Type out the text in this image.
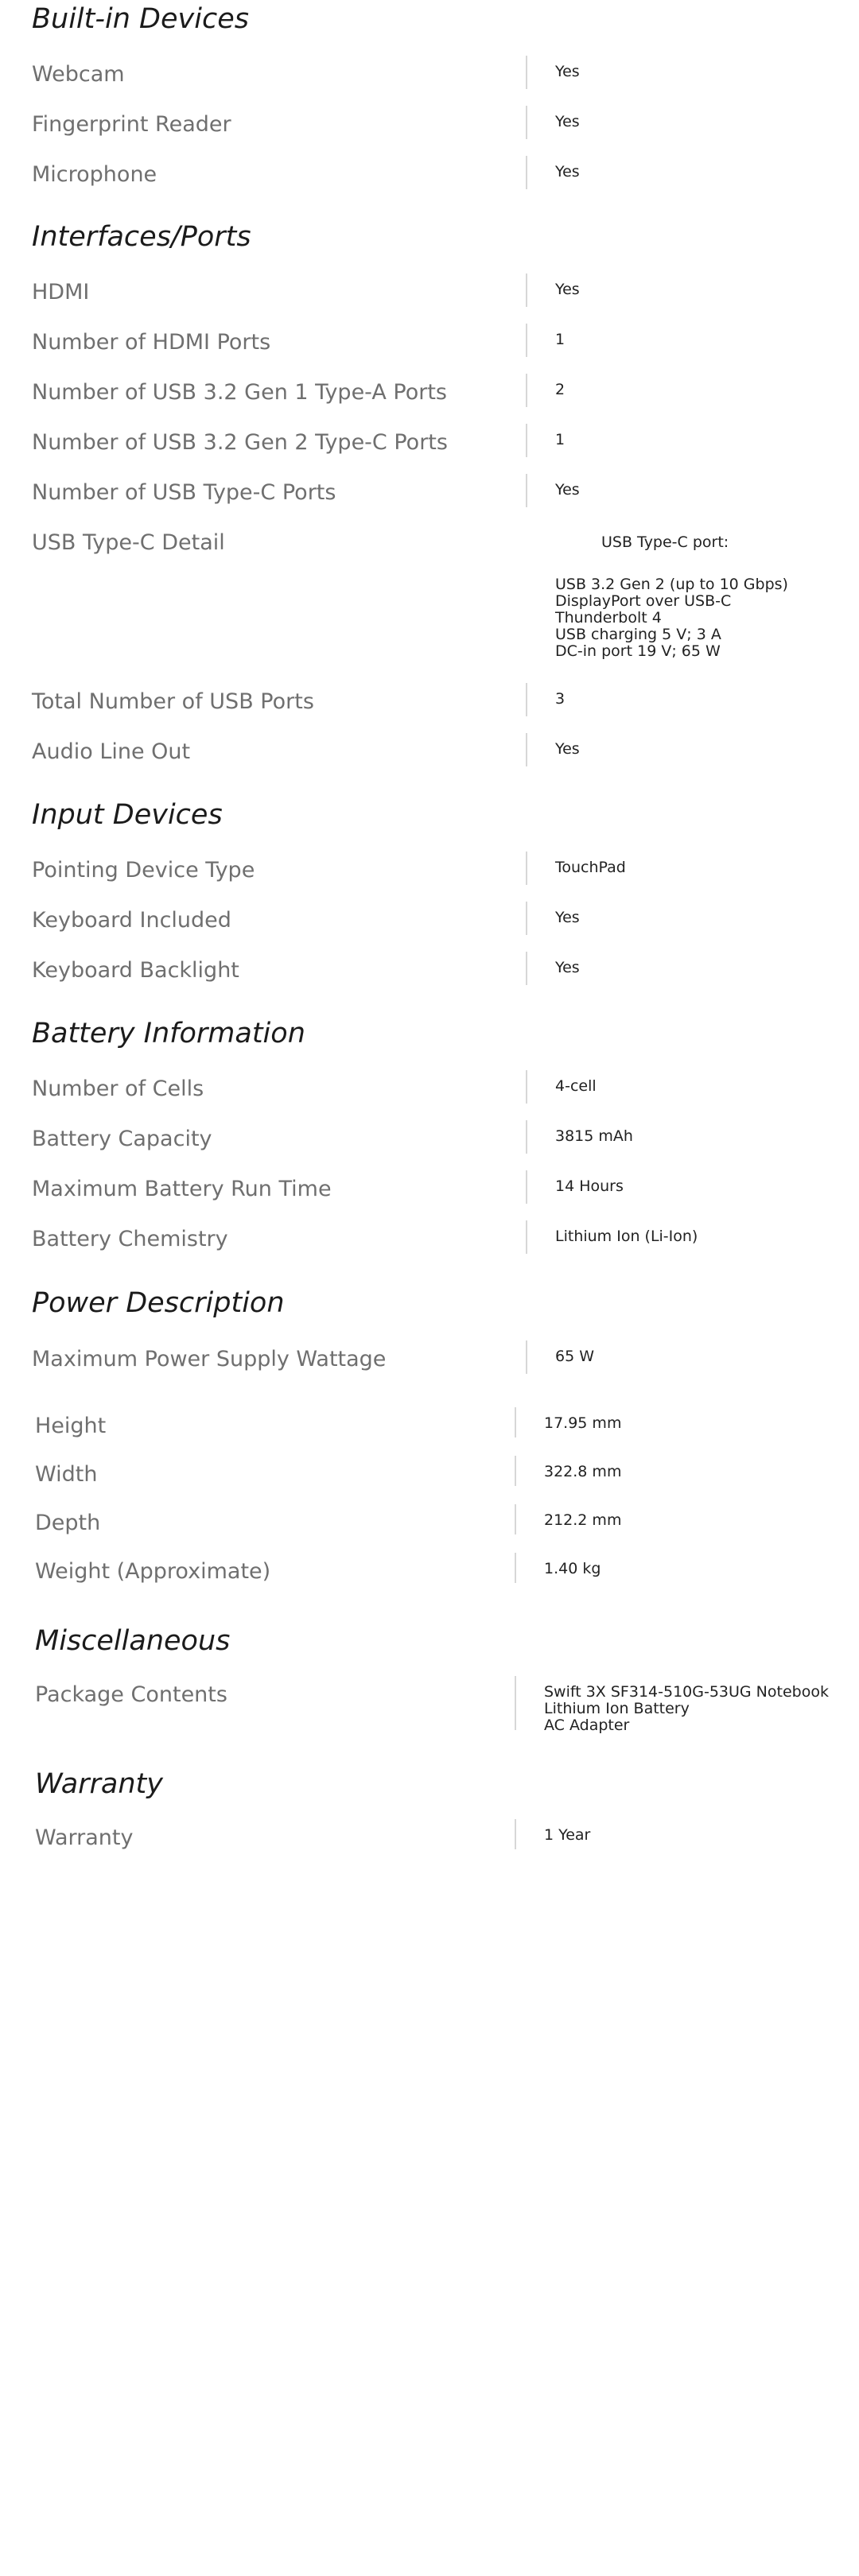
Built-in Devices
Webcam	Yes
Fingerprint Reader	Yes
Microphone	Yes
Interfaces/Ports
HDMI	Yes
Number of HDMI Ports	1
Number of USB 3.2 Gen 1 Type-A Ports	2
Number of USB 3.2 Gen 2 Type-C Ports	1
Number of USB Type-C Ports	Yes
USB Type-C Detail	USB Type-C port:
USB 3.2 Gen 2 (up to 10 Gbps)
DisplayPort over USB-C
Thunderbolt 4
USB charging 5 V; 3 A
DC-in port 19 V; 65 W
Total Number of USB Ports	3
Audio Line Out	Yes
Input Devices
Pointing Device Type	TouchPad
Keyboard Included	Yes
Keyboard Backlight	Yes
Battery Information
Number of Cells	4-cell
Battery Capacity	3815 mAh
Maximum Battery Run Time	14 Hours
Battery Chemistry	Lithium Ion (Li-Ion)
Power Description
Maximum Power Supply Wattage	65 W
Height	17.95 mm
Width	322.8 mm
Depth	212.2 mm
Weight (Approximate)	1.40 kg
Miscellaneous
Package Contents	Swift 3X SF314-510G-53UG Notebook
Lithium Ion Battery
AC Adapter
Warranty
Warranty	1 Year
